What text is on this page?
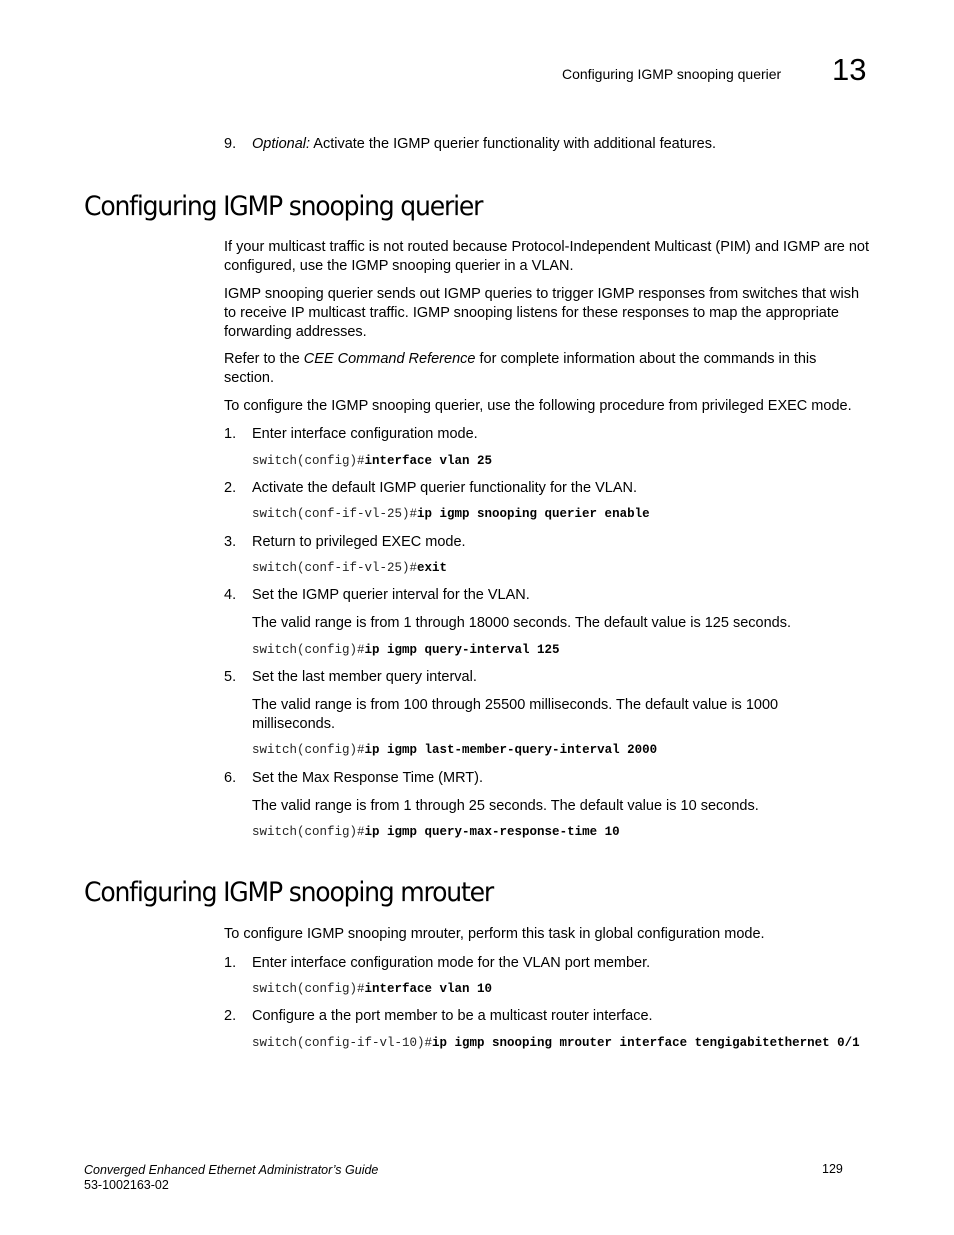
Configuring IGMP snooping querier 13
9. Optional: Activate the IGMP querier functionality with additional features.
Configuring IGMP snooping querier

If your multicast traffic is not routed because Protocol-Independent Multicast (PIM) and IGMP are not configured, use the IGMP snooping querier in a VLAN.

IGMP snooping querier sends out IGMP queries to trigger IGMP responses from switches that wish to receive IP multicast traffic. IGMP snooping listens for these responses to map the appropriate forwarding addresses.

Refer to the CEE Command Reference for complete information about the commands in this section.

To configure the IGMP snooping querier, use the following procedure from privileged EXEC mode.

1. Enter interface configuration mode.
switch(config)#interface vlan 25
2. Activate the default IGMP querier functionality for the VLAN.
switch(conf-if-vl-25)#ip igmp snooping querier enable
3. Return to privileged EXEC mode.
switch(conf-if-vl-25)#exit
4. Set the IGMP querier interval for the VLAN.

The valid range is from 1 through 18000 seconds. The default value is 125 seconds.

switch(config)#ip igmp query-interval 125
5. Set the last member query interval.

The valid range is from 100 through 25500 milliseconds. The default value is 1000 milliseconds.

switch(config)#ip igmp last-member-query-interval 2000
6. Set the Max Response Time (MRT).

The valid range is from 1 through 25 seconds. The default value is 10 seconds.

switch(config)#ip igmp query-max-response-time 10
Configuring IGMP snooping mrouter

To configure IGMP snooping mrouter, perform this task in global configuration mode.

1. Enter interface configuration mode for the VLAN port member.
switch(config)#interface vlan 10
2. Configure a the port member to be a multicast router interface.
switch(config-if-vl-10)#ip igmp snooping mrouter interface tengigabitethernet 0/1
Converged Enhanced Ethernet Administrator’s Guide
53-1002163-02
129
